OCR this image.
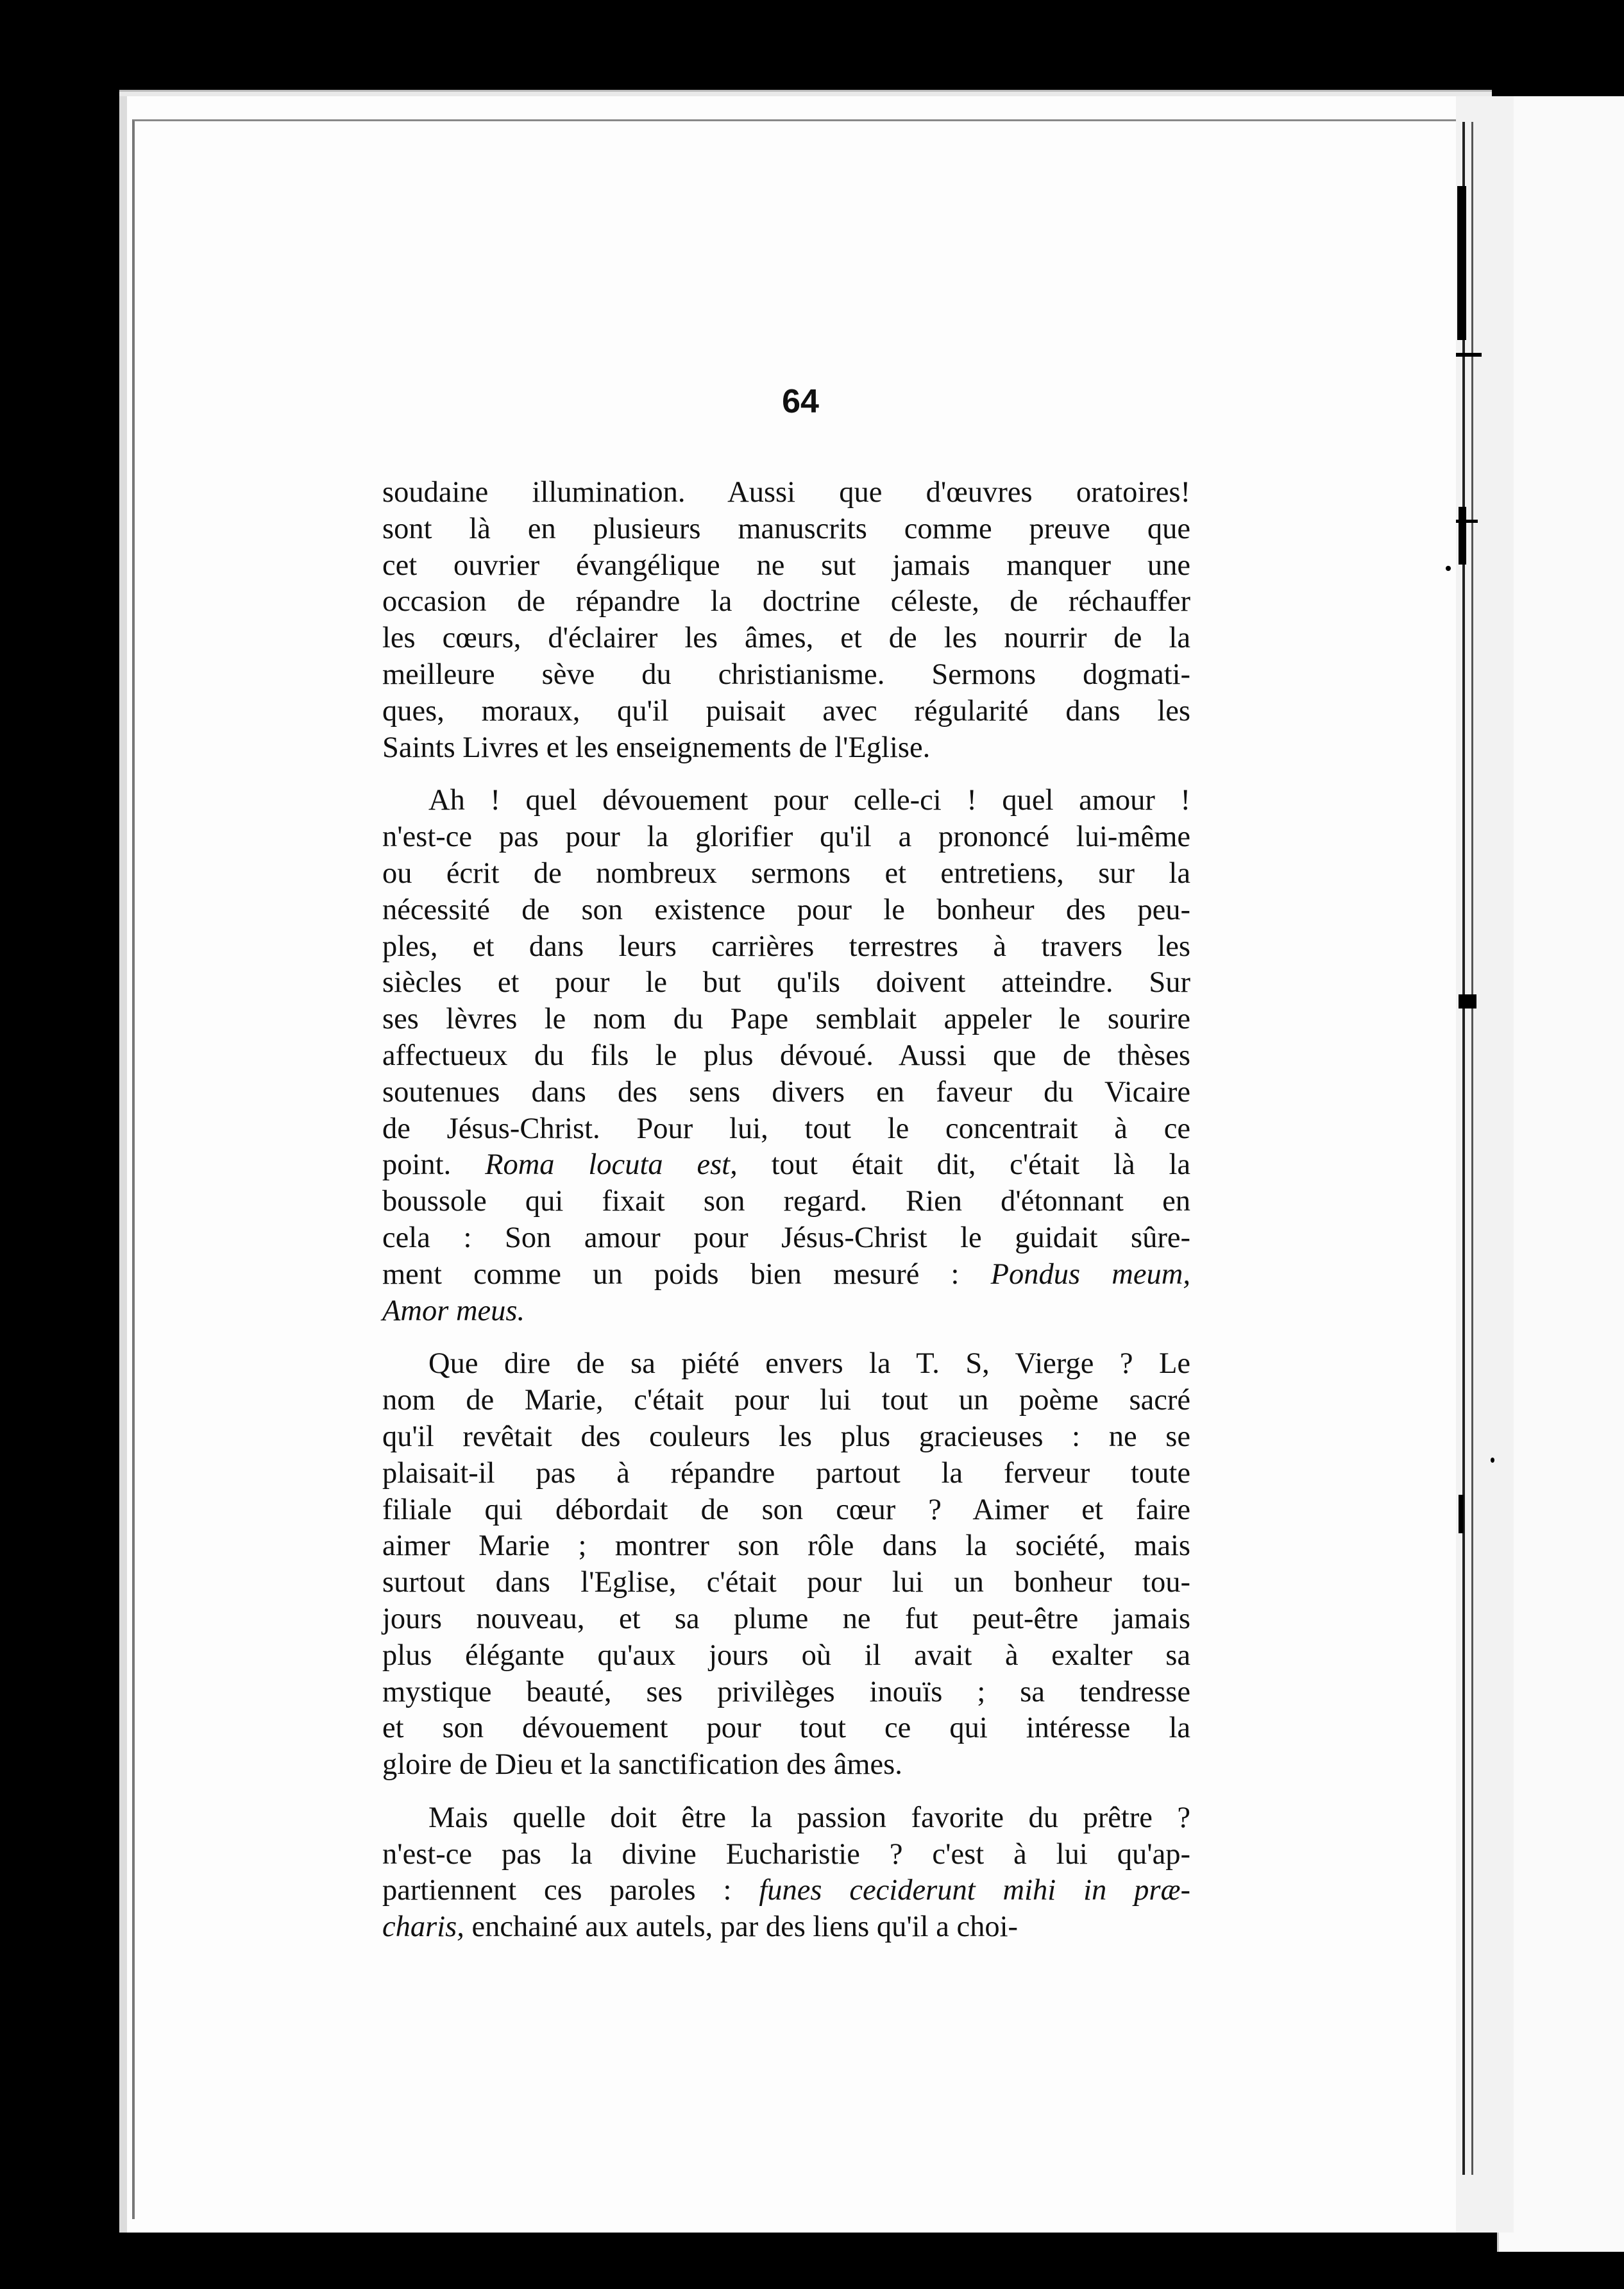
64
soudaine illumination. Aussi que d'œuvres oratoires!
sont là en plusieurs manuscrits comme preuve que
cet ouvrier évangélique ne sut jamais manquer une
occasion de répandre la doctrine céleste, de réchauffer
les cœurs, d'éclairer les âmes, et de les nourrir de la
meilleure sève du christianisme. Sermons dogmati-
ques, moraux, qu'il puisait avec régularité dans les
Saints Livres et les enseignements de l'Eglise.
Ah ! quel dévouement pour celle-ci ! quel amour !
n'est-ce pas pour la glorifier qu'il a prononcé lui-même
ou écrit de nombreux sermons et entretiens, sur la
nécessité de son existence pour le bonheur des peu-
ples, et dans leurs carrières terrestres à travers les
siècles et pour le but qu'ils doivent atteindre. Sur
ses lèvres le nom du Pape semblait appeler le sourire
affectueux du fils le plus dévoué. Aussi que de thèses
soutenues dans des sens divers en faveur du Vicaire
de Jésus-Christ. Pour lui, tout le concentrait à ce
point. Roma locuta est, tout était dit, c'était là la
boussole qui fixait son regard. Rien d'étonnant en
cela : Son amour pour Jésus-Christ le guidait sûre-
ment comme un poids bien mesuré : Pondus meum,
Amor meus.
Que dire de sa piété envers la T. S, Vierge ? Le
nom de Marie, c'était pour lui tout un poème sacré
qu'il revêtait des couleurs les plus gracieuses : ne se
plaisait-il pas à répandre partout la ferveur toute
filiale qui débordait de son cœur ? Aimer et faire
aimer Marie ; montrer son rôle dans la société, mais
surtout dans l'Eglise, c'était pour lui un bonheur tou-
jours nouveau, et sa plume ne fut peut-être jamais
plus élégante qu'aux jours où il avait à exalter sa
mystique beauté, ses privilèges inouïs ; sa tendresse
et son dévouement pour tout ce qui intéresse la
gloire de Dieu et la sanctification des âmes.
Mais quelle doit être la passion favorite du prêtre ?
n'est-ce pas la divine Eucharistie ? c'est à lui qu'ap-
partiennent ces paroles : funes ceciderunt mihi in præ-
charis, enchainé aux autels, par des liens qu'il a choi-
